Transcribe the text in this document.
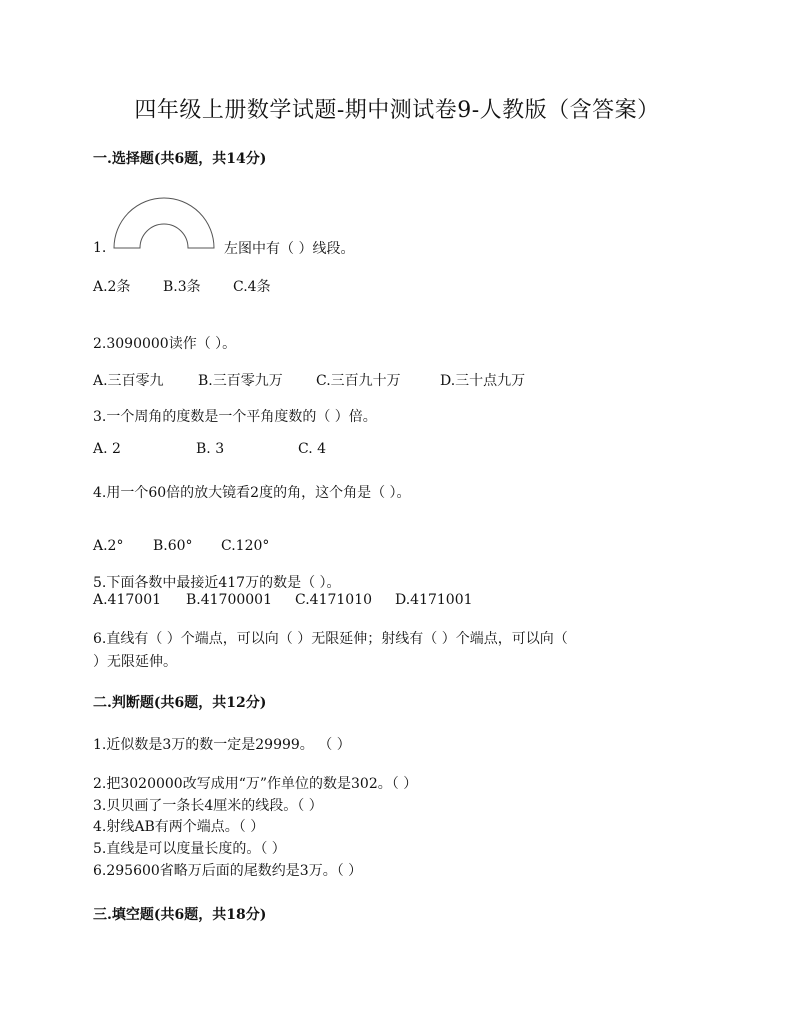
四年级上册数学试题-期中测试卷9-人教版（含答案）
一.选择题(共6题，共14分)
1.	左图中有（ ）线段。
A.2条 B.3条 C.4条
2.3090000读作（ ）。
A.三百零九 B.三百零九万 C.三百九十万	D.三十点九万
3.一个周角的度数是一个平角度数的（ ）倍。
A. 2	B. 3	C. 4
4.用一个60倍的放大镜看2度的角，这个角是（ ）。
A.2° B.60° C.120°
5.下面各数中最接近417万的数是（ ）。
A.417001 B.41700001 C.4171010 D.4171001
6.直线有（ ）个端点，可以向（ ）无限延伸；射线有（ ）个端点，可以向（
）无限延伸。
二.判断题(共6题，共12分)
1.近似数是3万的数一定是29999。 （ ）
2.把3020000改写成用“万”作单位的数是302。（ ）
3.贝贝画了一条长4厘米的线段。（ ）
4.射线AB有两个端点。（ ）
5.直线是可以度量长度的。（ ）
6.295600省略万后面的尾数约是3万。（ ）
三.填空题(共6题，共18分)
